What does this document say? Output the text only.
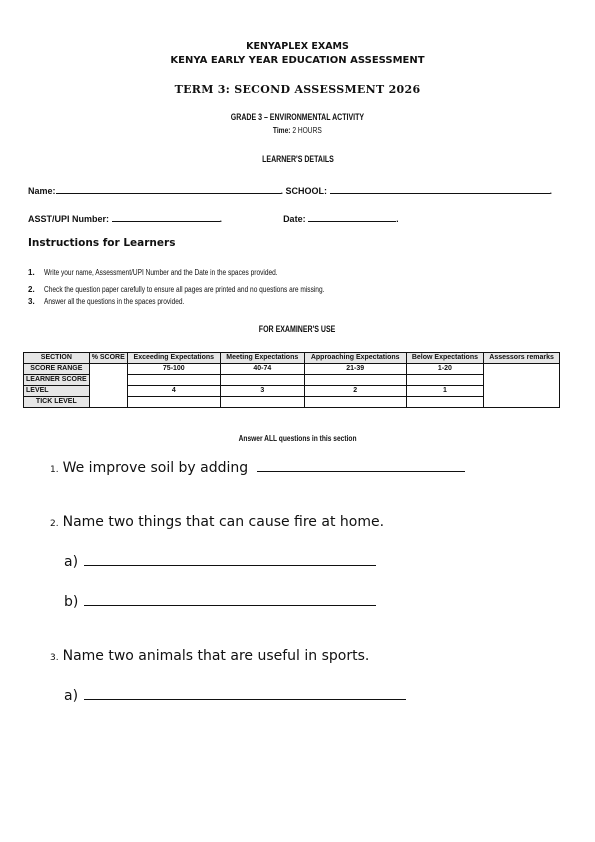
KENYAPLEX EXAMS
KENYA EARLY YEAR EDUCATION ASSESSMENT
TERM 3: SECOND ASSESSMENT 2026
GRADE 3 – ENVIRONMENTAL ACTIVITY
Time: 2 HOURS
LEARNER'S DETAILS
Name:	. SCHOOL:	.
ASST/UPI Number:	.	Date:	.
Instructions for Learners
1. Write your name, Assessment/UPI Number and the Date in the spaces provided.
2. Check the question paper carefully to ensure all pages are printed and no questions are missing.
3. Answer all the questions in the spaces provided.
FOR EXAMINER'S USE
SECTION	% SCORE	Exceeding Expectations	Meeting Expectations	Approaching Expectations	Below Expectations	Assessors remarks
SCORE RANGE		75-100	40-74	21-39	1-20	
LEARNER SCORE						
LEVEL		4	3	2	1	
TICK LEVEL						
Answer ALL questions in this section
1. We improve soil by adding
2. Name two things that can cause fire at home.
a)
b)
3. Name two animals that are useful in sports.
a)
